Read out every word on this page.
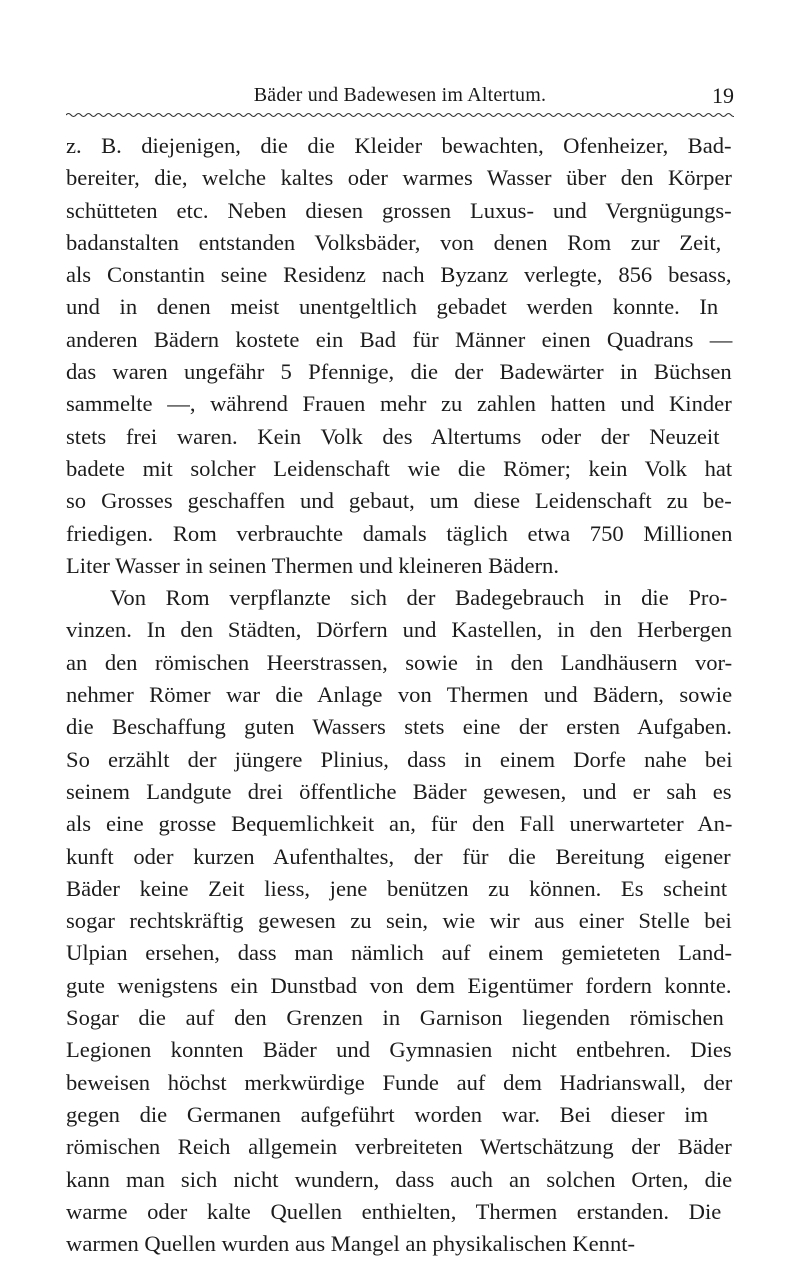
Bäder und Badewesen im Altertum.	19
z. B. diejenigen, die die Kleider bewachten, Ofenheizer, Bad-
bereiter, die, welche kaltes oder warmes Wasser über den Körper
schütteten etc. Neben diesen grossen Luxus- und Vergnügungs-
badanstalten entstanden Volksbäder, von denen Rom zur Zeit,
als Constantin seine Residenz nach Byzanz verlegte, 856 besass,
und in denen meist unentgeltlich gebadet werden konnte. In
anderen Bädern kostete ein Bad für Männer einen Quadrans —
das waren ungefähr 5 Pfennige, die der Badewärter in Büchsen
sammelte —, während Frauen mehr zu zahlen hatten und Kinder
stets frei waren. Kein Volk des Altertums oder der Neuzeit
badete mit solcher Leidenschaft wie die Römer; kein Volk hat
so Grosses geschaffen und gebaut, um diese Leidenschaft zu be-
friedigen. Rom verbrauchte damals täglich etwa 750 Millionen
Liter Wasser in seinen Thermen und kleineren Bädern.
Von Rom verpflanzte sich der Badegebrauch in die Pro-
vinzen. In den Städten, Dörfern und Kastellen, in den Herbergen
an den römischen Heerstrassen, sowie in den Landhäusern vor-
nehmer Römer war die Anlage von Thermen und Bädern, sowie
die Beschaffung guten Wassers stets eine der ersten Aufgaben.
So erzählt der jüngere Plinius, dass in einem Dorfe nahe bei
seinem Landgute drei öffentliche Bäder gewesen, und er sah es
als eine grosse Bequemlichkeit an, für den Fall unerwarteter An-
kunft oder kurzen Aufenthaltes, der für die Bereitung eigener
Bäder keine Zeit liess, jene benützen zu können. Es scheint
sogar rechtskräftig gewesen zu sein, wie wir aus einer Stelle bei
Ulpian ersehen, dass man nämlich auf einem gemieteten Land-
gute wenigstens ein Dunstbad von dem Eigentümer fordern konnte.
Sogar die auf den Grenzen in Garnison liegenden römischen
Legionen konnten Bäder und Gymnasien nicht entbehren. Dies
beweisen höchst merkwürdige Funde auf dem Hadrianswall, der
gegen die Germanen aufgeführt worden war. Bei dieser im
römischen Reich allgemein verbreiteten Wertschätzung der Bäder
kann man sich nicht wundern, dass auch an solchen Orten, die
warme oder kalte Quellen enthielten, Thermen erstanden. Die
warmen Quellen wurden aus Mangel an physikalischen Kennt-
